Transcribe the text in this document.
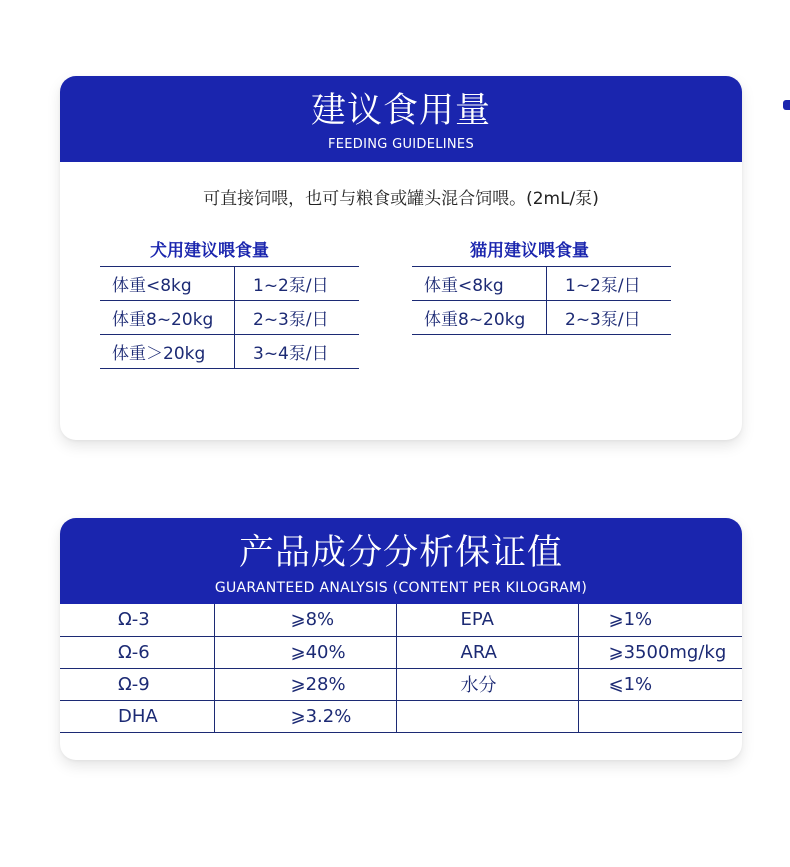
建议食用量
FEEDING GUIDELINES
可直接饲喂，也可与粮食或罐头混合饲喂。(2mL/泵)
犬用建议喂食量
体重<8kg	1~2泵/日
体重8~20kg	2~3泵/日
体重＞20kg	3~4泵/日
猫用建议喂食量
体重<8kg	1~2泵/日
体重8~20kg	2~3泵/日
产品成分分析保证值
GUARANTEED ANALYSIS (CONTENT PER KILOGRAM)
Ω-3	⩾8%	EPA	⩾1%
Ω-6	⩾40%	ARA	⩾3500mg/kg
Ω-9	⩾28%	水分	⩽1%
DHA	⩾3.2%		
